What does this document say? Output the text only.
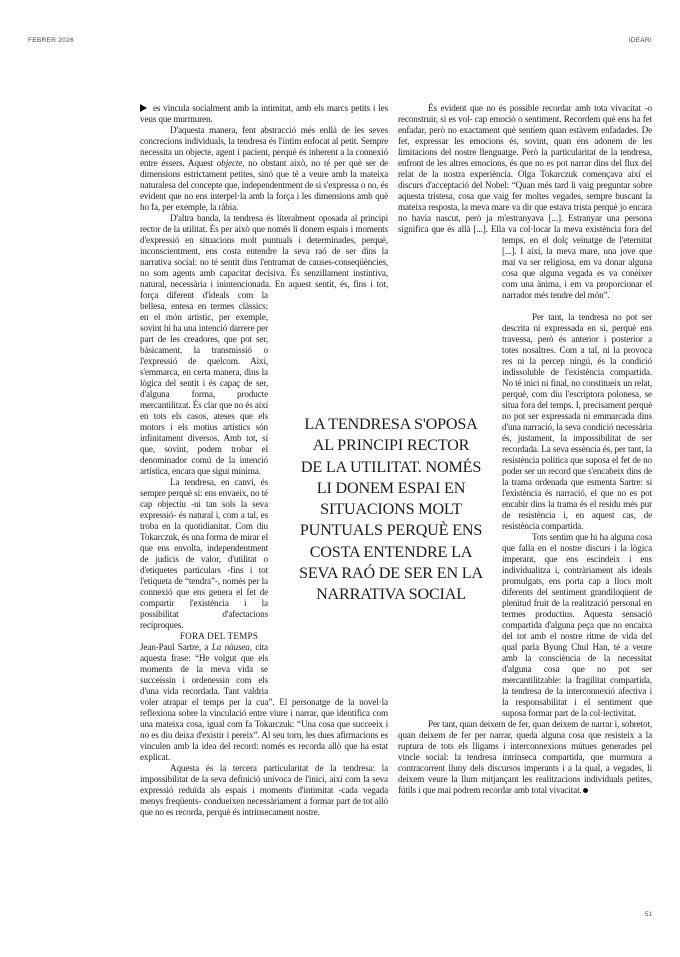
FEBRER 2026	IDEARI

es vincula socialment amb la intimitat, amb els marcs petits i les veus que murmuren.

D'aquesta manera, fent abstracció més enllà de les seves concrecions individuals, la tendresa és l'íntim enfocat al petit. Sempre necessita un objecte, agent i pacient, perquè és inherent a la connexió entre éssers. Aquest objecte, no obstant això, no té per què ser de dimensions estrictament petites, sinó que té a veure amb la mateixa naturalesa del concepte que, independentment de si s'expressa o no, és evident que no ens interpel·la amb la força i les dimensions amb què ho fa, per exemple, la ràbia.

D'altra banda, la tendresa és literalment oposada al principi rector de la utilitat. És per això que només li donem espais i moments d'expressió en situacions molt puntuals i determinades, perquè, inconscientment, ens costa entendre la seva raó de ser dins la narrativa social: no té sentit dins l'entramat de causes-conseqüències, no som agents amb capacitat decisiva. És senzillament instintiva, natural, necessària i inintencionada. En aquest sentit, és, fins i tot, força diferent d'ideals com la bellesa, entesa en termes clàssics: en el món artístic, per exemple, sovint hi ha una intenció darrere per part de les creadores, que pot ser, bàsicament, la transmissió o l'expressió de quelcom. Així, s'emmarca, en certa manera, dins la lògica del sentit i és capaç de ser, d'alguna forma, producte mercantilitzat. És clar que no és així en tots els casos, ateses que els motors i els motius artístics són infinitament diversos. Amb tot, sí que, sovint, podem trobar el denominador comú de la intenció artística, encara que sigui mínima.

La tendresa, en canvi, és sempre perquè sí: ens envaeix, no té cap objectiu -ni tan sols la seva expressió- és natural i, com a tal, es troba en la quotidianitat. Com diu Tokarczuk, és una forma de mirar el que ens envolta, independentment de judicis de valor, d'utilitat o d'etiquetes particulars -fins i tot l'etiqueta de “tendra”-, només per la connexió que ens genera el fet de compartir l'existència i la possibilitat d'afectacions recíproques.

FORA DEL TEMPS

Jean-Paul Sartre, a La nàusea, cita aquesta frase: “He volgut que els moments de la meva vida se succeïssin i ordenessin com els d'una vida recordada. Tant valdria voler atrapar el temps per la cua”. El personatge de la novel·la reflexiona sobre la vinculació entre viure i narrar, que identifica com una mateixa cosa, igual com fa Tokarczuk: “Una cosa que succeeix i no es diu deixa d'existir i pereix”. Al seu torn, les dues afirmacions es vinculen amb la idea del record: només es recorda allò que ha estat explicat.

Aquesta és la tercera particularitat de la tendresa: la impossibilitat de la seva definició unívoca de l'inici, així com la seva expressió reduïda als espais i moments d'intimitat -cada vegada menys freqüents- condueixen necessàriament a formar part de tot allò que no es recorda, perquè és intrínsecament nostre.

És evident que no és possible recordar amb tota vivacitat -o reconstruir, si es vol- cap emoció o sentiment. Recordem què ens ha fet enfadar, però no exactament què sentíem quan estàvem enfadades. De fet, expressar les emocions és, sovint, quan ens adonem de les limitacions del nostre llenguatge. Però la particularitat de la tendresa, enfront de les altres emocions, és que no es pot narrar dins del flux del relat de la nostra experiència. Olga Tokarczuk començava així el discurs d'acceptació del Nobel: “Quan més tard li vaig preguntar sobre aquesta tristesa, cosa que vaig fer moltes vegades, sempre buscant la mateixa resposta, la meva mare va dir que estava trista perquè jo encara no havia nascut, però ja m'estranyava [...]. Estranyar una persona significa que és allà [...]. Ella va col·locar la meva existència fora del temps, en el dolç veïnatge de l'eternitat [...]. I així, la meva mare, una jove que mai va ser religiosa, em va donar alguna cosa que alguna vegada es va conèixer com una ànima, i em va proporcionar el narrador més tendre del món”.

Per tant, la tendresa no pot ser descrita ni expressada en si, perquè ens travessa, però és anterior i posterior a totes nosaltres. Com a tal, ni la provoca res ni la percep ningú, és la condició indissoluble de l'existència compartida. No té inici ni final, no constitueix un relat, perquè, com diu l'escriptora polonesa, se situa fora del temps. I, precisament perquè no pot ser expressada ni emmarcada dins d'una narració, la seva condició necessària és, justament, la impossibilitat de ser recordada. La seva essència és, per tant, la resistència política que suposa el fet de no poder ser un record que s'encabeix dins de la trama ordenada que esmenta Sartre: si l'existència és narració, el que no es pot encabir dins la trama és el residu més pur de resistència i, en aquest cas, de resistència compartida.

Tots sentim que hi ha alguna cosa que falla en el nostre discurs i la lògica imperant, que ens escindeix i ens individualitza i, contràriament als ideals promulgats, ens porta cap a llocs molt diferents del sentiment grandiloqüent de plenitud fruit de la realització personal en termes productius. Aquesta sensació compartida d'alguna peça que no encaixa del tot amb el nostre ritme de vida del qual parla Byung Chul Han, té a veure amb la consciència de la necessitat d'alguna cosa que no pot ser mercantilitzable: la fragilitat compartida, la tendresa de la interconnexió afectiva i la responsabilitat i el sentiment que suposa formar part de la col·lectivitat.

Per tant, quan deixem de fer, quan deixem de narrar i, sobretot, quan deixem de fer per narrar, queda alguna cosa que resisteix a la ruptura de tots els lligams i interconnexions mútues generades pel vincle social: la tendresa intrínseca compartida, que murmura a contracorrent lluny dels discursos imperants i a la qual, a vegades, li deixem veure la llum mitjançant les realitzacions individuals petites, fútils i que mai podrem recordar amb total vivacitat.

LA TENDRESA S'OPOSA
AL PRINCIPI RECTOR
DE LA UTILITAT. NOMÉS
LI DONEM ESPAI EN
SITUACIONS MOLT
PUNTUALS PERQUÈ ENS
COSTA ENTENDRE LA
SEVA RAÓ DE SER EN LA
NARRATIVA SOCIAL
51
